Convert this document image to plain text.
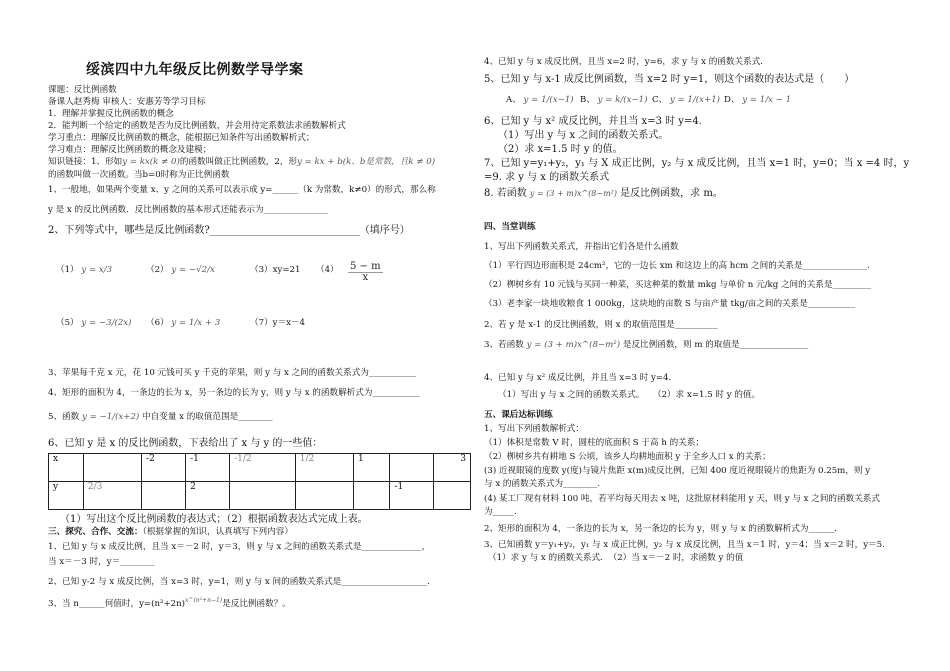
绥滨四中九年级反比例数学导学案
课题：反比例函数
备课人赵秀梅 审核人：安惠芳等学习目标
1．理解并掌握反比例函数的概念
2．能判断一个给定的函数是否为反比例函数，并会用待定系数法求函数解析式
学习重点：理解反比例函数的概念，能根据已知条件写出函数解析式；
学习难点：理解反比例函数的概念及建模；
知识链接：1、形如y = kx(k ≠ 0)的函数叫做正比例函数，2，形y = kx + b(k、b是常数，且k ≠ 0)
的函数叫做一次函数。当b=0时称为正比例函数
1、一般地，如果两个变量 x、y 之间的关系可以表示成 y=______（k 为常数，k≠0）的形式，那么称
y 是 x 的反比例函数．反比例函数的基本形式还能表示为_______________
2、下列等式中，哪些是反比例函数?______________________________（填序号）
（1） y = x/3	（2） y = −√2/x	（3）xy=21 $(4) \frac{5 - m}{x}$
（5） y = −3/(2x) （6） y = 1/x + 3	（7）y＝x－4
3、苹果每千克 x 元，花 10 元钱可买 y 千克的苹果，则 y 与 x 之间的函数关系式为___________
4、矩形的面积为 4，一条边的长为 x，另一条边的长为 y，则 y 与 x 的函数解析式为___________
5、函数 y = −1/(x+2) 中自变量 x 的取值范围是________
6、已知 y 是 x 的反比例函数，下表给出了 x 与 y 的一些值：
x		-2	-1	-1/2	1/2	1		3
y	2/3		2				-1	
（1）写出这个反比例函数的表达式；（2）根据函数表达式完成上表。
三、探究、合作、交流：（根据掌握的知识，认真填写下列内容）
1、已知 y 与 x 成反比例，且当 x＝－2 时，y＝3，则 y 与 x 之间的函数关系式是______________，
当 x＝－3 时，y＝________
2、已知 y-2 与 x 成反比例，当 x=3 时，y=1，则 y 与 x 间的函数关系式是____________________．
3、当 n______何值时，$y=(n^2+2n)^{x\^{}(n^2+n-1)}$是反比例函数？。
4、已知 y 与 x 成反比例，且当 x=2 时，y=6，求 y 与 x 的函数关系式．
5、已知 y 与 x-1 成反比例函数，当 x=2 时 y=1，则这个函数的表达式是（　　）
A、 y = 1/(x−1) B、 y = k/(x−1) C、 y = 1/(x+1) D、 y = 1/x − 1
6、已知 y 与 x² 成反比例，并且当 x=3 时 y=4.
（1）写出 y 与 x 之间的函数关系式。
（2）求 x=1.5 时 y 的值。
7、已知 y=y₁+y₂，y₁ 与 X 成正比例，y₂ 与 x 成反比例，且当 x=1 时，y=0；当 x =4 时，y
=9. 求 y 与 x 的函数关系式
8. 若函数 y = (3 + m)x^(8−m²) 是反比例函数，求 m。
四、当堂训练
1、写出下列函数关系式，并指出它们各是什么函数
（1）平行四边形面积是 24cm²，它的一边长 xm 和这边上的高 hcm 之间的关系是_______________.
（2）栁树乡有 10 元钱与买同一种菜，买这种菜的数量 mkg 与单价 n 元/kg 之间的关系是_________
（3）老李家一块地收粮食 1 000kg，这块地的亩数 S 与亩产量 tkg/亩之间的关系是___________
2、若 y 是 x-1 的反比例函数，则 x 的取值范围是__________
3、若函数 y = (3 + m)x^(8−m²) 是反比例函数，则 m 的取值是________________
4、已知 y 与 x² 成反比例，并且当 x=3 时 y=4.
（1）写出 y 与 x 之间的函数关系式。　　（2）求 x=1.5 时 y 的值。
五、课后达标训练
1、写出下列函数解析式：
（1）体积是常数 V 时，圆柱的底面积 S 于高 h 的关系；
（2）栁树乡共有耕地 S 公顷，该乡人均耕地面积 y 于全乡人口 x 的关系；
(3) 近视眼镜的度数 y(度)与镜片焦距 x(m)成反比例，已知 400 度近视眼镜片的焦距为 0.25m，则 y
与 x 的函数关系式为________.
(4) 某工厂现有材料 100 吨，若平均每天用去 x 吨，这批原材料能用 y 天，则 y 与 x 之间的函数关系式
为_____.
2、矩形的面积为 4，一条边的长为 x，另一条边的长为 y，则 y 与 x 的函数解析式为______．
3、已知函数 y＝y₁+y₂，y₁ 与 x 成正比例，y₂ 与 x 成反比例，且当 x＝1 时，y＝4；当 x＝2 时，y＝5.
（1）求 y 与 x 的函数关系式．　（2）当 x＝－2 时，求函数 y 的值
